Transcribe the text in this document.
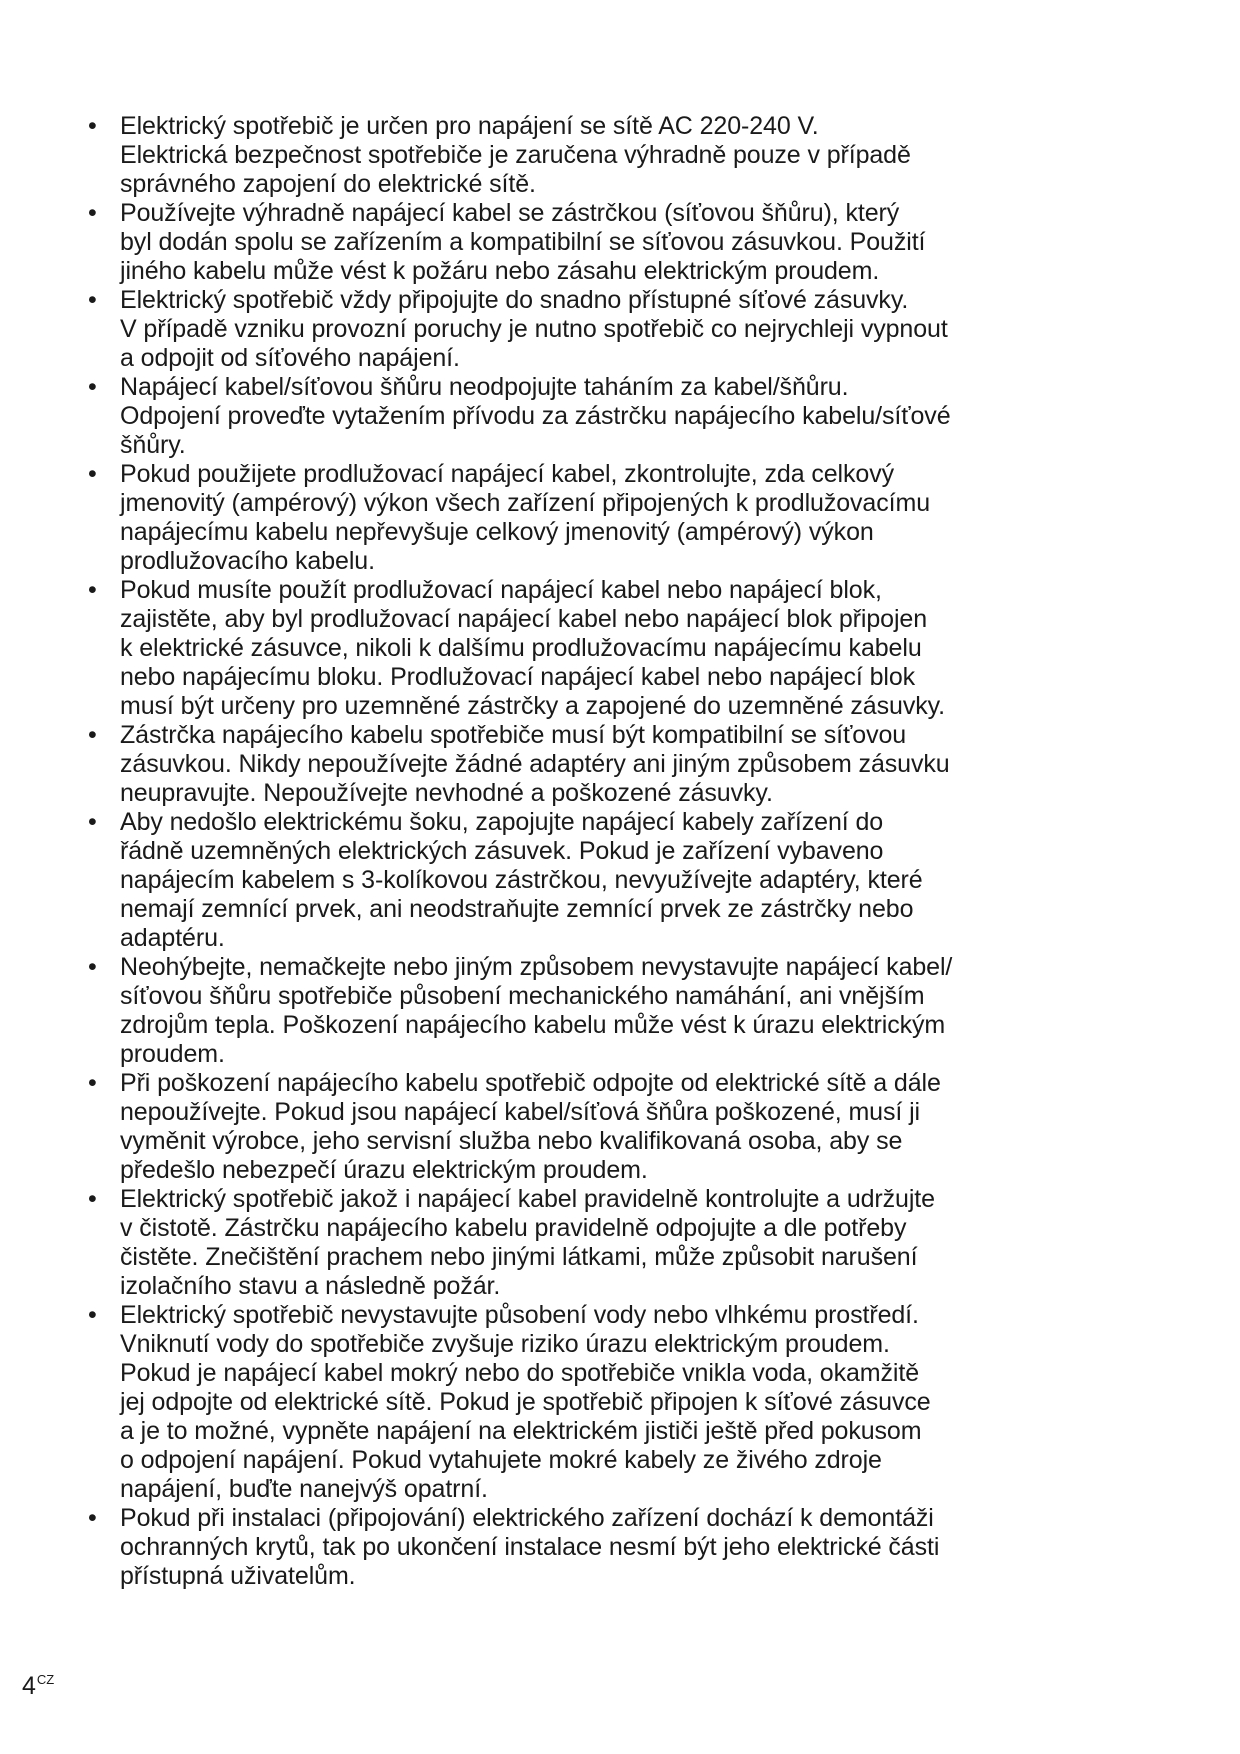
• Elektrický spotřebič je určen pro napájení se sítě AC 220-240 V.
Elektrická bezpečnost spotřebiče je zaručena výhradně pouze v případě
správného zapojení do elektrické sítě.
• Používejte výhradně napájecí kabel se zástrčkou (síťovou šňůru), který
byl dodán spolu se zařízením a kompatibilní se síťovou zásuvkou. Použití
jiného kabelu může vést k požáru nebo zásahu elektrickým proudem.
• Elektrický spotřebič vždy připojujte do snadno přístupné síťové zásuvky.
V případě vzniku provozní poruchy je nutno spotřebič co nejrychleji vypnout
a odpojit od síťového napájení.
• Napájecí kabel/síťovou šňůru neodpojujte taháním za kabel/šňůru.
Odpojení proveďte vytažením přívodu za zástrčku napájecího kabelu/síťové
šňůry.
• Pokud použijete prodlužovací napájecí kabel, zkontrolujte, zda celkový
jmenovitý (ampérový) výkon všech zařízení připojených k prodlužovacímu
napájecímu kabelu nepřevyšuje celkový jmenovitý (ampérový) výkon
prodlužovacího kabelu.
• Pokud musíte použít prodlužovací napájecí kabel nebo napájecí blok,
zajistěte, aby byl prodlužovací napájecí kabel nebo napájecí blok připojen
k elektrické zásuvce, nikoli k dalšímu prodlužovacímu napájecímu kabelu
nebo napájecímu bloku. Prodlužovací napájecí kabel nebo napájecí blok
musí být určeny pro uzemněné zástrčky a zapojené do uzemněné zásuvky.
• Zástrčka napájecího kabelu spotřebiče musí být kompatibilní se síťovou
zásuvkou. Nikdy nepoužívejte žádné adaptéry ani jiným způsobem zásuvku
neupravujte. Nepoužívejte nevhodné a poškozené zásuvky.
• Aby nedošlo elektrickému šoku, zapojujte napájecí kabely zařízení do
řádně uzemněných elektrických zásuvek. Pokud je zařízení vybaveno
napájecím kabelem s 3-kolíkovou zástrčkou, nevyužívejte adaptéry, které
nemají zemnící prvek, ani neodstraňujte zemnící prvek ze zástrčky nebo
adaptéru.
• Neohýbejte, nemačkejte nebo jiným způsobem nevystavujte napájecí kabel/
síťovou šňůru spotřebiče působení mechanického namáhání, ani vnějším
zdrojům tepla. Poškození napájecího kabelu může vést k úrazu elektrickým
proudem.
• Při poškození napájecího kabelu spotřebič odpojte od elektrické sítě a dále
nepoužívejte. Pokud jsou napájecí kabel/síťová šňůra poškozené, musí ji
vyměnit výrobce, jeho servisní služba nebo kvalifikovaná osoba, aby se
předešlo nebezpečí úrazu elektrickým proudem.
• Elektrický spotřebič jakož i napájecí kabel pravidelně kontrolujte a udržujte
v čistotě. Zástrčku napájecího kabelu pravidelně odpojujte a dle potřeby
čistěte. Znečištění prachem nebo jinými látkami, může způsobit narušení
izolačního stavu a následně požár.
• Elektrický spotřebič nevystavujte působení vody nebo vlhkému prostředí.
Vniknutí vody do spotřebiče zvyšuje riziko úrazu elektrickým proudem.
Pokud je napájecí kabel mokrý nebo do spotřebiče vnikla voda, okamžitě
jej odpojte od elektrické sítě. Pokud je spotřebič připojen k síťové zásuvce
a je to možné, vypněte napájení na elektrickém jističi ještě před pokusom
o odpojení napájení. Pokud vytahujete mokré kabely ze živého zdroje
napájení, buďte nanejvýš opatrní.
• Pokud při instalaci (připojování) elektrického zařízení dochází k demontáži
ochranných krytů, tak po ukončení instalace nesmí být jeho elektrické části
přístupná uživatelům.
$4^{CZ}$
